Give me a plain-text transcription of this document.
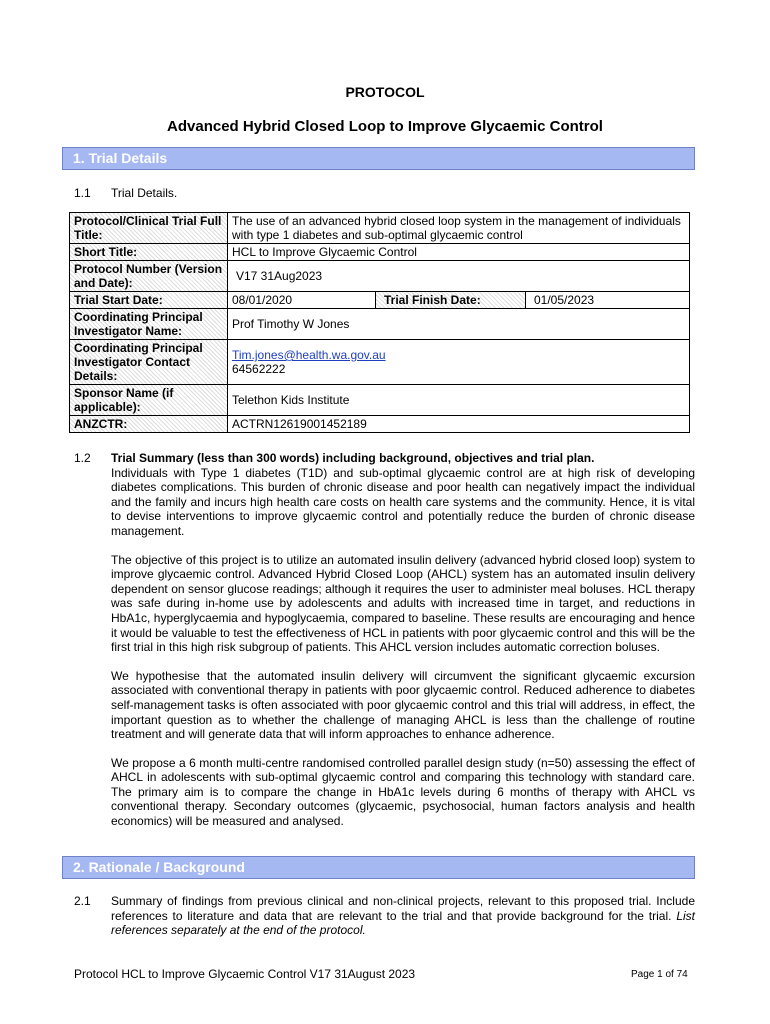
PROTOCOL
Advanced Hybrid Closed Loop to Improve Glycaemic Control
1. Trial Details
1.1 Trial Details.
Protocol/Clinical Trial Full Title:	The use of an advanced hybrid closed loop system in the management of individuals with type 1 diabetes and sub-optimal glycaemic control		
Short Title:	HCL to Improve Glycaemic Control		
Protocol Number (Version and Date):	V17 31Aug2023		
Trial Start Date:	08/01/2020	Trial Finish Date:	01/05/2023
Coordinating Principal Investigator Name:	Prof Timothy W Jones		
Coordinating Principal Investigator Contact Details:	Tim.jones@health.wa.gov.au
64562222		
Sponsor Name (if applicable):	Telethon Kids Institute		
ANZCTR:	ACTRN12619001452189		
1.2 Trial Summary (less than 300 words) including background, objectives and trial plan.

Individuals with Type 1 diabetes (T1D) and sub-optimal glycaemic control are at high risk of developing diabetes complications. This burden of chronic disease and poor health can negatively impact the individual and the family and incurs high health care costs on health care systems and the community. Hence, it is vital to devise interventions to improve glycaemic control and potentially reduce the burden of chronic disease management.

The objective of this project is to utilize an automated insulin delivery (advanced hybrid closed loop) system to improve glycaemic control. Advanced Hybrid Closed Loop (AHCL) system has an automated insulin delivery dependent on sensor glucose readings; although it requires the user to administer meal boluses. HCL therapy was safe during in-home use by adolescents and adults with increased time in target, and reductions in HbA1c, hyperglycaemia and hypoglycaemia, compared to baseline. These results are encouraging and hence it would be valuable to test the effectiveness of HCL in patients with poor glycaemic control and this will be the first trial in this high risk subgroup of patients. This AHCL version includes automatic correction boluses.

We hypothesise that the automated insulin delivery will circumvent the significant glycaemic excursion associated with conventional therapy in patients with poor glycaemic control. Reduced adherence to diabetes self-management tasks is often associated with poor glycaemic control and this trial will address, in effect, the important question as to whether the challenge of managing AHCL is less than the challenge of routine treatment and will generate data that will inform approaches to enhance adherence.

We propose a 6 month multi-centre randomised controlled parallel design study (n=50) assessing the effect of AHCL in adolescents with sub-optimal glycaemic control and comparing this technology with standard care. The primary aim is to compare the change in HbA1c levels during 6 months of therapy with AHCL vs conventional therapy. Secondary outcomes (glycaemic, psychosocial, human factors analysis and health economics) will be measured and analysed.

2. Rationale / Background
2.1 Summary of findings from previous clinical and non-clinical projects, relevant to this proposed trial. Include references to literature and data that are relevant to the trial and that provide background for the trial. List references separately at the end of the protocol.
Protocol HCL to Improve Glycaemic Control V17 31August 2023	Page 1 of 74
